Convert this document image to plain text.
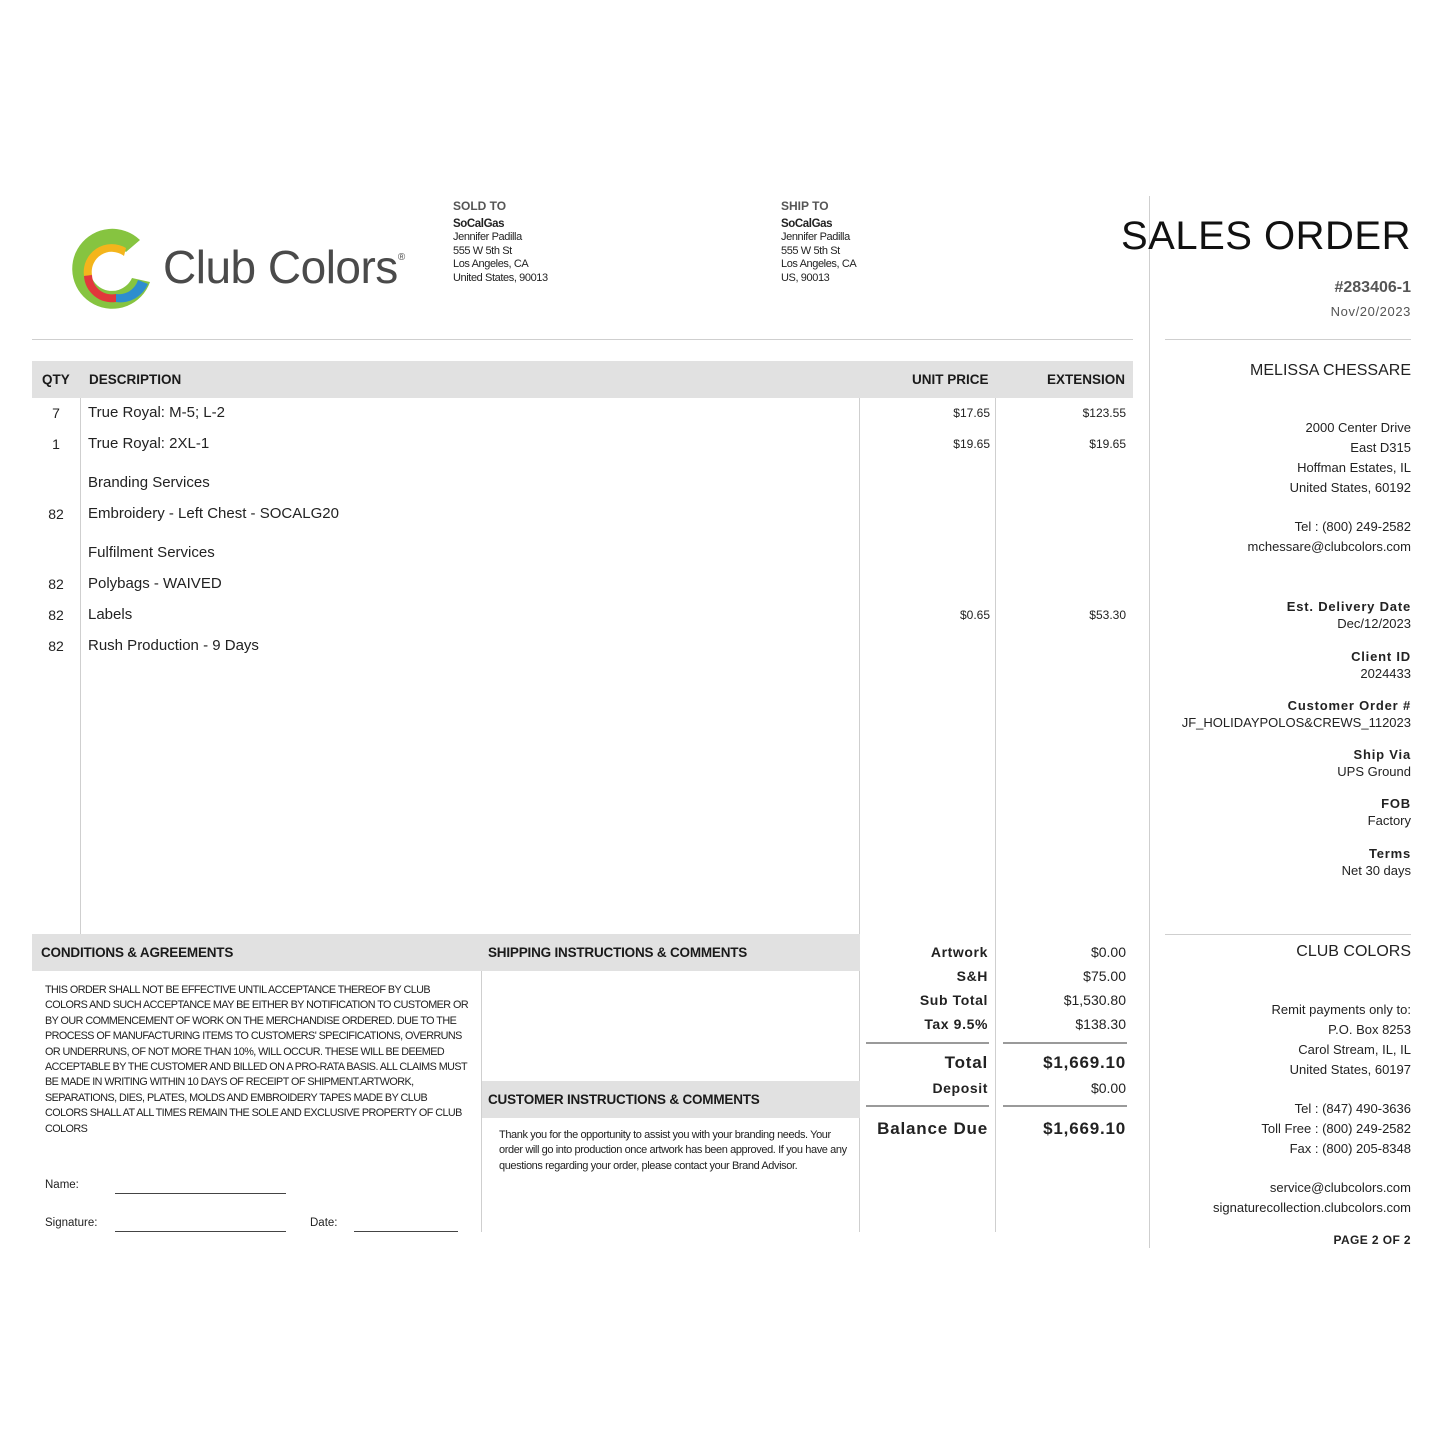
Club Colors®
SOLD TO
SoCalGas
Jennifer Padilla
555 W 5th St
Los Angeles, CA
United States, 90013
SHIP TO
SoCalGas
Jennifer Padilla
555 W 5th St
Los Angeles, CA
US, 90013
SALES ORDER
#283406-1
Nov/20/2023
MELISSA CHESSARE
2000 Center Drive
East D315
Hoffman Estates, IL
United States, 60192
Tel : (800) 249-2582
mchessare@clubcolors.com
Est. Delivery Date
Dec/12/2023
Client ID
2024433
Customer Order #
JF_HOLIDAYPOLOS&CREWS_112023
Ship Via
UPS Ground
FOB
Factory
Terms
Net 30 days
CLUB COLORS
Remit payments only to:
P.O. Box 8253
Carol Stream, IL, IL
United States, 60197
Tel : (847) 490-3636
Toll Free : (800) 249-2582
Fax : (800) 205-8348
service@clubcolors.com
signaturecollection.clubcolors.com
PAGE 2 OF 2
QTY DESCRIPTION	UNIT PRICE	EXTENSION
7	True Royal: M-5; L-2	$17.65	$123.55
1	True Royal: 2XL-1	$19.65	$19.65
Branding Services
82	Embroidery - Left Chest - SOCALG20
Fulfilment Services
82	Polybags - WAIVED
82	Labels	$0.65	$53.30
82	Rush Production - 9 Days
CONDITIONS & AGREEMENTS	SHIPPING INSTRUCTIONS & COMMENTS
THIS ORDER SHALL NOT BE EFFECTIVE UNTIL ACCEPTANCE THEREOF BY CLUB COLORS AND SUCH ACCEPTANCE MAY BE EITHER BY NOTIFICATION TO CUSTOMER OR BY OUR COMMENCEMENT OF WORK ON THE MERCHANDISE ORDERED. DUE TO THE PROCESS OF MANUFACTURING ITEMS TO CUSTOMERS' SPECIFICATIONS, OVERRUNS OR UNDERRUNS, OF NOT MORE THAN 10%, WILL OCCUR. THESE WILL BE DEEMED ACCEPTABLE BY THE CUSTOMER AND BILLED ON A PRO-RATA BASIS. ALL CLAIMS MUST BE MADE IN WRITING WITHIN 10 DAYS OF RECEIPT OF SHIPMENT.ARTWORK, SEPARATIONS, DIES, PLATES, MOLDS AND EMBROIDERY TAPES MADE BY CLUB COLORS SHALL AT ALL TIMES REMAIN THE SOLE AND EXCLUSIVE PROPERTY OF CLUB COLORS
Name:
Signature:	Date:
CUSTOMER INSTRUCTIONS & COMMENTS
Thank you for the opportunity to assist you with your branding needs. Your order will go into production once artwork has been approved. If you have any questions regarding your order, please contact your Brand Advisor.
Artwork	$0.00
S&H	$75.00
Sub Total	$1,530.80
Tax 9.5%	$138.30
Total	$1,669.10
Deposit	$0.00
Balance Due	$1,669.10
